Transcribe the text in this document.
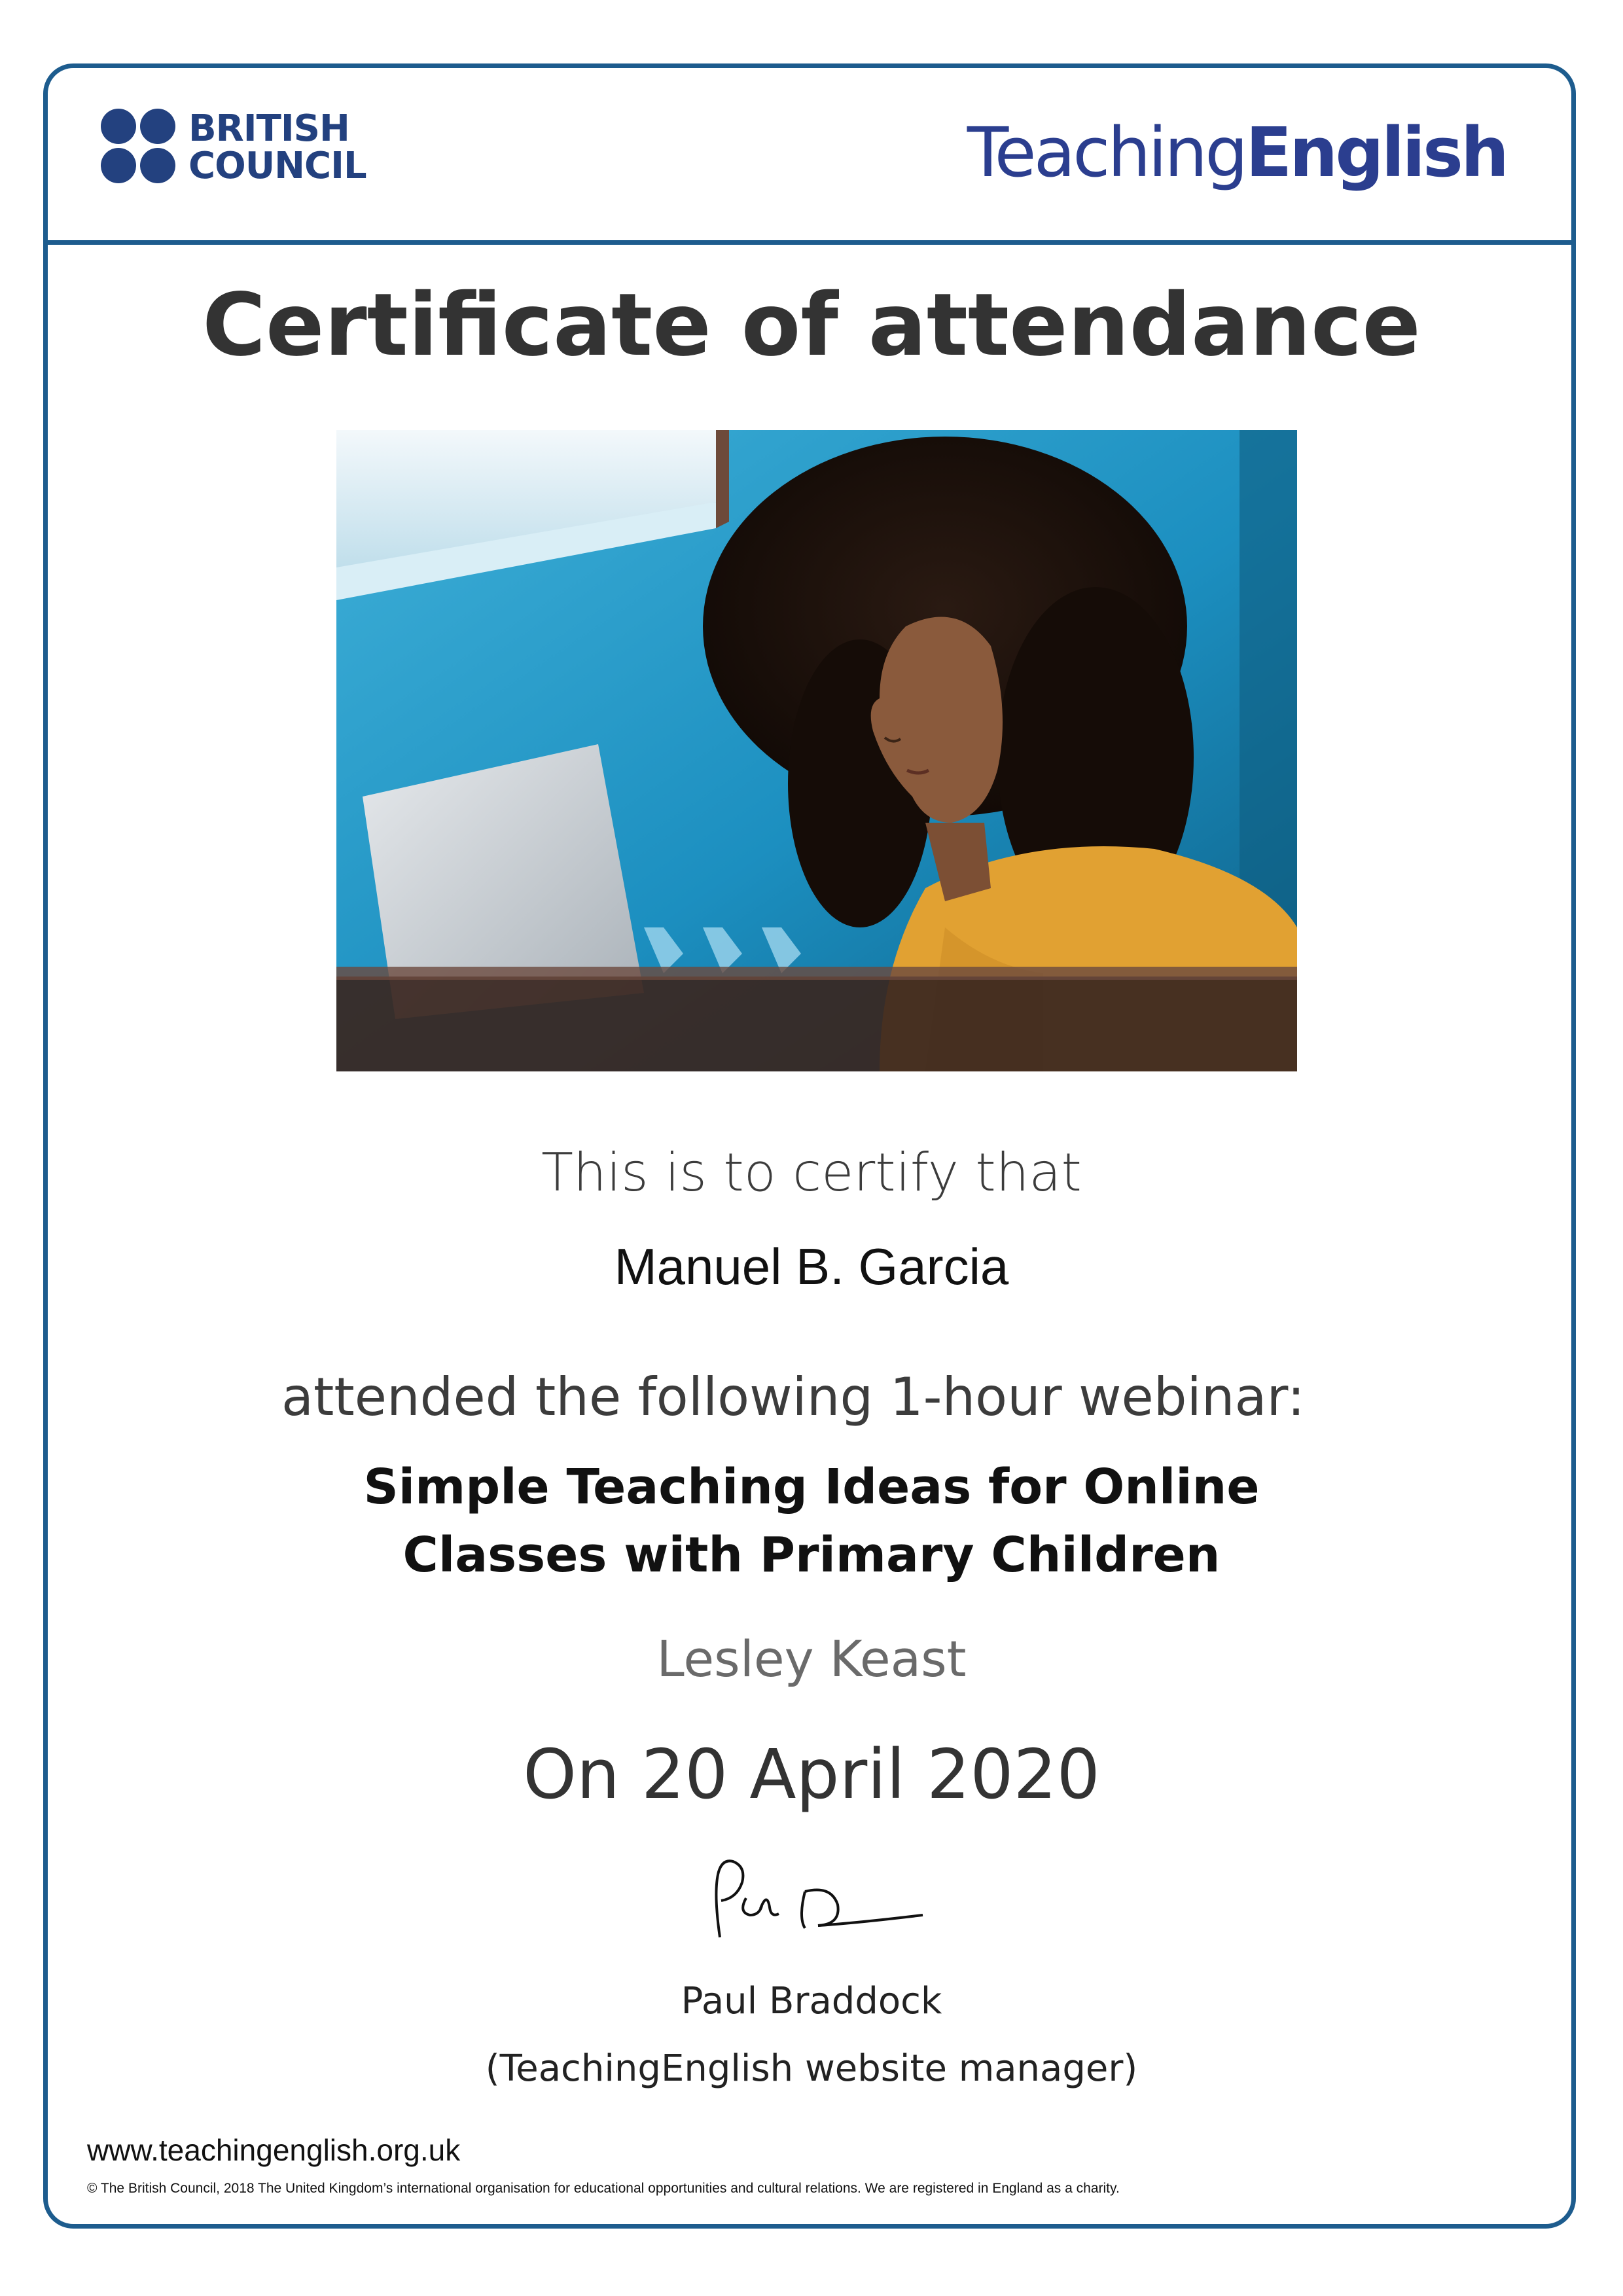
BRITISH
COUNCIL	TeachingEnglish
Certificate of attendance
This is to certify that
Manuel B. Garcia
attended the following 1-hour webinar:
Simple Teaching Ideas for Online
Classes with Primary Children
Lesley Keast
On 20 April 2020
Paul Braddock
(TeachingEnglish website manager)
www.teachingenglish.org.uk
© The British Council, 2018 The United Kingdom’s international organisation for educational opportunities and cultural relations. We are registered in England as a charity.
